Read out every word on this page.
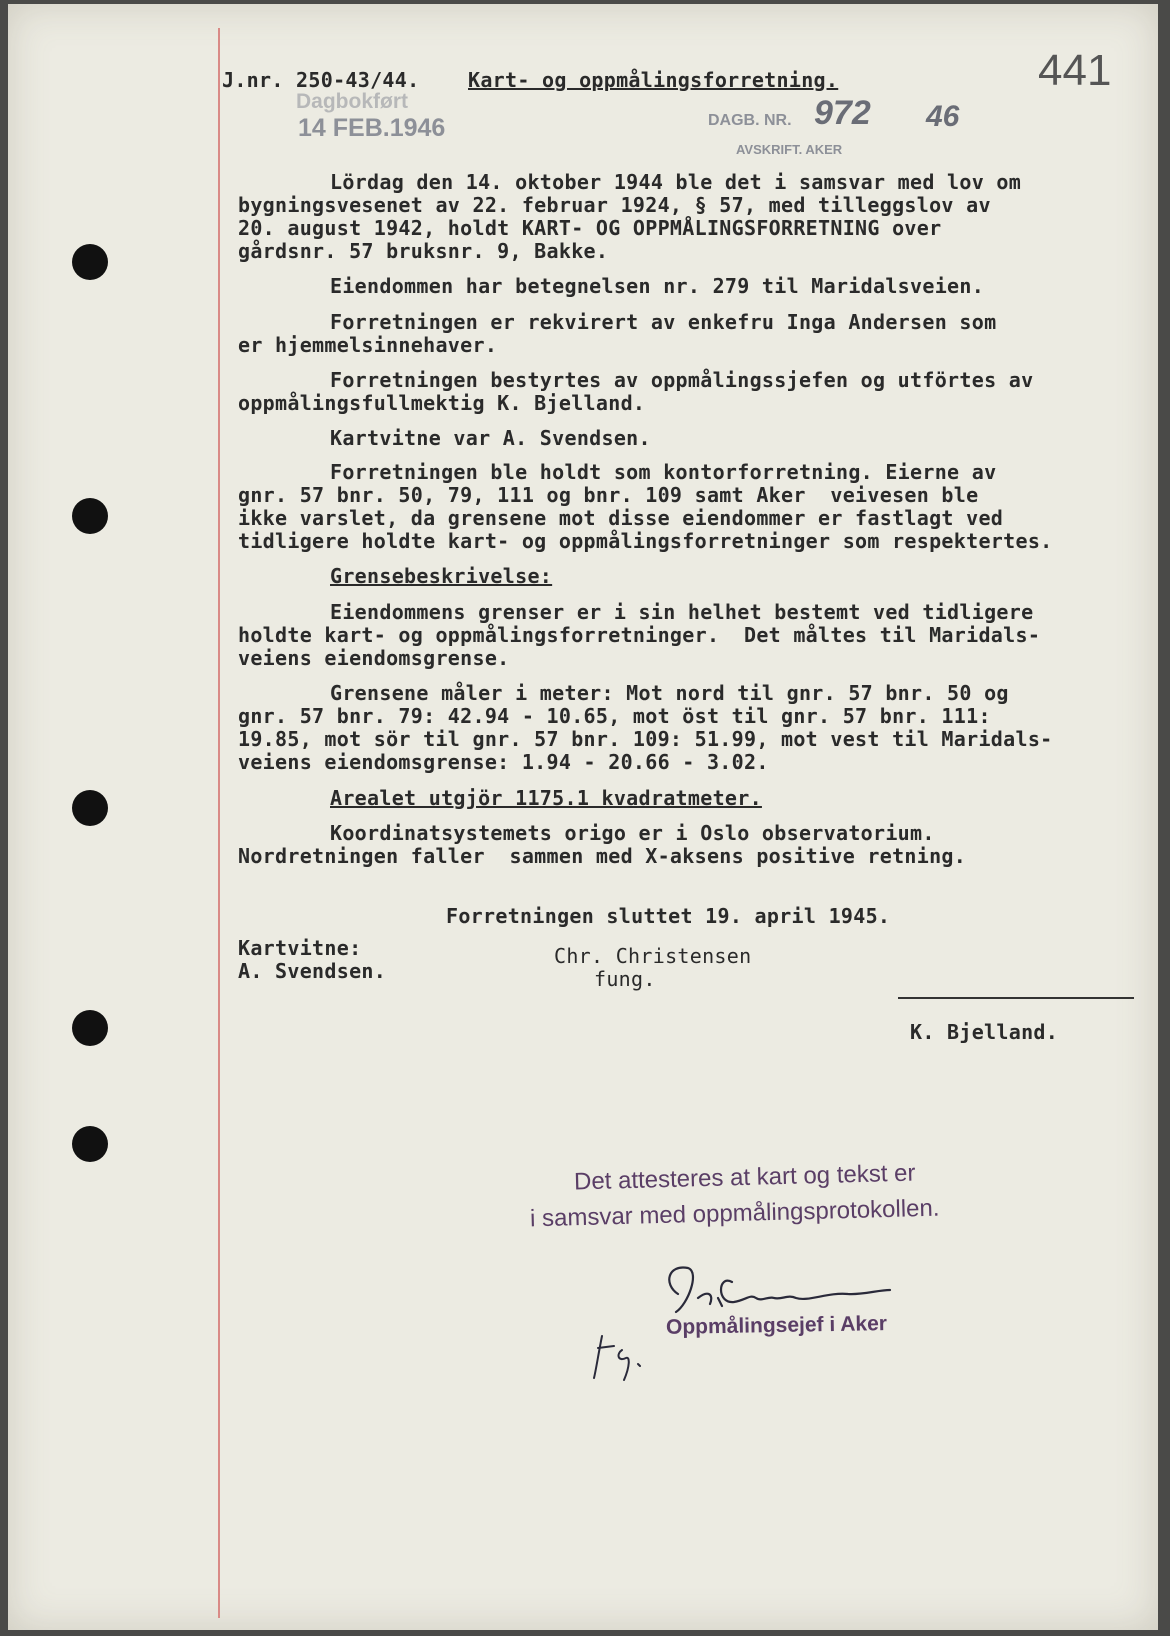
441
J.nr. 250-43/44. Kart- og oppmålingsforretning.
Dagbokført
14 FEB.1946	DAGB. NR. 972 46
AVSKRIFT. AKER
Lördag den 14. oktober 1944 ble det i samsvar med lov om
bygningsvesenet av 22. februar 1924, § 57, med tilleggslov av
20. august 1942, holdt KART- OG OPPMÅLINGSFORRETNING over
gårdsnr. 57 bruksnr. 9, Bakke.
Eiendommen har betegnelsen nr. 279 til Maridalsveien.
Forretningen er rekvirert av enkefru Inga Andersen som
er hjemmelsinnehaver.
Forretningen bestyrtes av oppmålingssjefen og utförtes av
oppmålingsfullmektig K. Bjelland.
Kartvitne var A. Svendsen.
Forretningen ble holdt som kontorforretning. Eierne av
gnr. 57 bnr. 50, 79, 111 og bnr. 109 samt Aker  veivesen ble
ikke varslet, da grensene mot disse eiendommer er fastlagt ved
tidligere holdte kart- og oppmålingsforretninger som respektertes.
Grensebeskrivelse:
Eiendommens grenser er i sin helhet bestemt ved tidligere
holdte kart- og oppmålingsforretninger.  Det måltes til Maridals-
veiens eiendomsgrense.
Grensene måler i meter: Mot nord til gnr. 57 bnr. 50 og
gnr. 57 bnr. 79: 42.94 - 10.65, mot öst til gnr. 57 bnr. 111:
19.85, mot sör til gnr. 57 bnr. 109: 51.99, mot vest til Maridals-
veiens eiendomsgrense: 1.94 - 20.66 - 3.02.
Arealet utgjör 1175.1 kvadratmeter.
Koordinatsystemets origo er i Oslo observatorium.
Nordretningen faller  sammen med X-aksens positive retning.
Forretningen sluttet 19. april 1945.
Kartvitne:
A. Svendsen.
Chr. Christensen
fung.
K. Bjelland.
Det attesteres at kart og tekst er
i samsvar med oppmålingsprotokollen.
Oppmålingsejef i Aker
